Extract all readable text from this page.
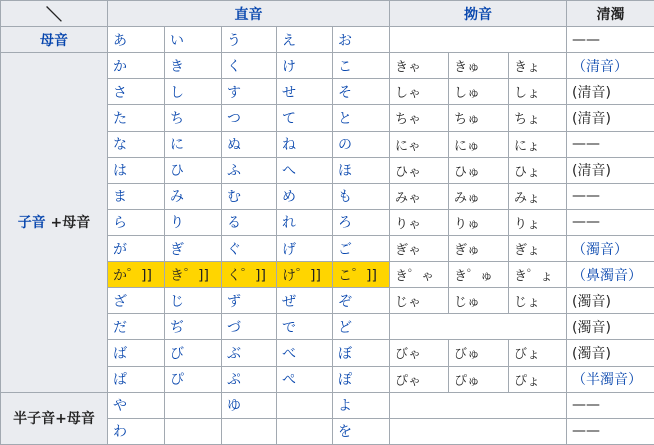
＼	直音					拗音			清濁
母音	あ	い	う	え	お				——
子音 +母音	か	き	く	け	こ	きゃ	きゅ	きょ	（清音）
	さ	し	す	せ	そ	しゃ	しゅ	しょ	(清音)
	た	ち	つ	て	と	ちゃ	ちゅ	ちょ	(清音)
	な	に	ぬ	ね	の	にゃ	にゅ	にょ	——
	は	ひ	ふ	へ	ほ	ひゃ	ひゅ	ひょ	(清音)
	ま	み	む	め	も	みゃ	みゅ	みょ	——
	ら	り	る	れ	ろ	りゃ	りゅ	りょ	——
	が	ぎ	ぐ	げ	ご	ぎゃ	ぎゅ	ぎょ	（濁音）
	か゜]]	き゜]]	く゜]]	け゜]]	こ゜]]	き゜ゃ	き゜ゅ	き゜ょ	（鼻濁音）
	ざ	じ	ず	ぜ	ぞ	じゃ	じゅ	じょ	(濁音)
	だ	ぢ	づ	で	ど				(濁音)
	ば	び	ぶ	べ	ぼ	びゃ	びゅ	びょ	(濁音)
	ぱ	ぴ	ぷ	ぺ	ぽ	ぴゃ	ぴゅ	ぴょ	（半濁音）
半子音+母音	や		ゆ		よ				——
	わ				を				——
